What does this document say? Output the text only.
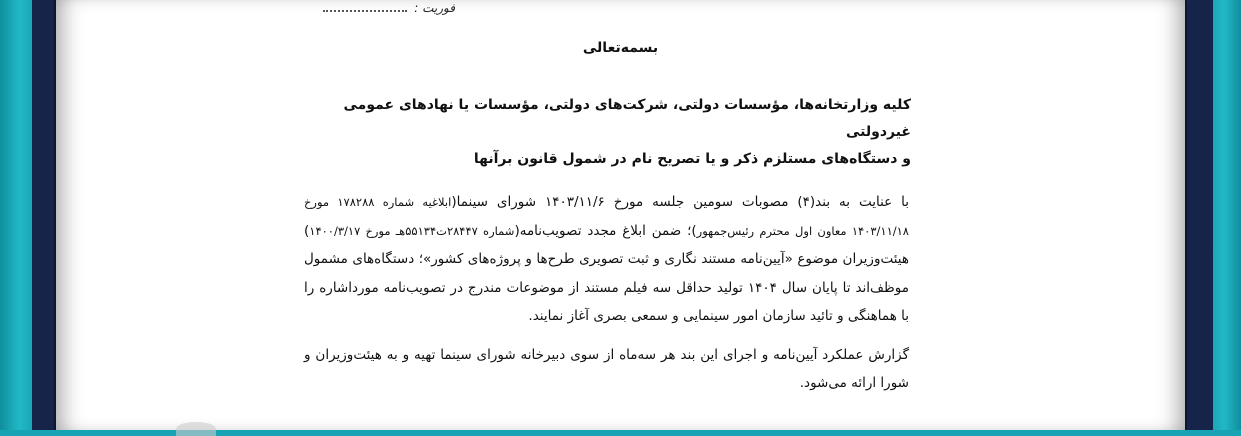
فوریت :
بسمه‌تعالی

کلیه وزارتخانه‌ها، مؤسسات دولتی، شرکت‌های دولتی، مؤسسات یا نهادهای عمومی غیردولتی

و دستگاه‌های مستلزم ذکر و یا تصریح نام در شمول قانون برآنها

با عنایت به بند(۴) مصوبات سومین جلسه مورخ ۱۴۰۳/۱۱/۶ شورای سینما(ابلاغیه شماره ۱۷۸۲۸۸ مورخ ۱۴۰۳/۱۱/۱۸ معاون اول محترم رئیس‌جمهور)؛ ضمن ابلاغ مجدد تصویب‌نامه(شماره ۲۸۴۴۷ت۵۵۱۳۴هـ مورخ ۱۴۰۰/۳/۱۷) هیئت‌وزیران موضوع «آیین‌نامه مستند نگاری و ثبت تصویری طرح‌ها و پروژه‌های کشور»؛ دستگاه‌های مشمول موظف‌اند تا پایان سال ۱۴۰۴ تولید حداقل سه فیلم مستند از موضوعات مندرج در تصویب‌نامه مورداشاره را با هماهنگی و تائید سازمان امور سینمایی و سمعی بصری آغاز نمایند.

گزارش عملکرد آیین‌نامه و اجرای این بند هر سه‌ماه از سوی دبیرخانه شورای سینما تهیه و به هیئت‌وزیران و شورا ارائه می‌شود.
